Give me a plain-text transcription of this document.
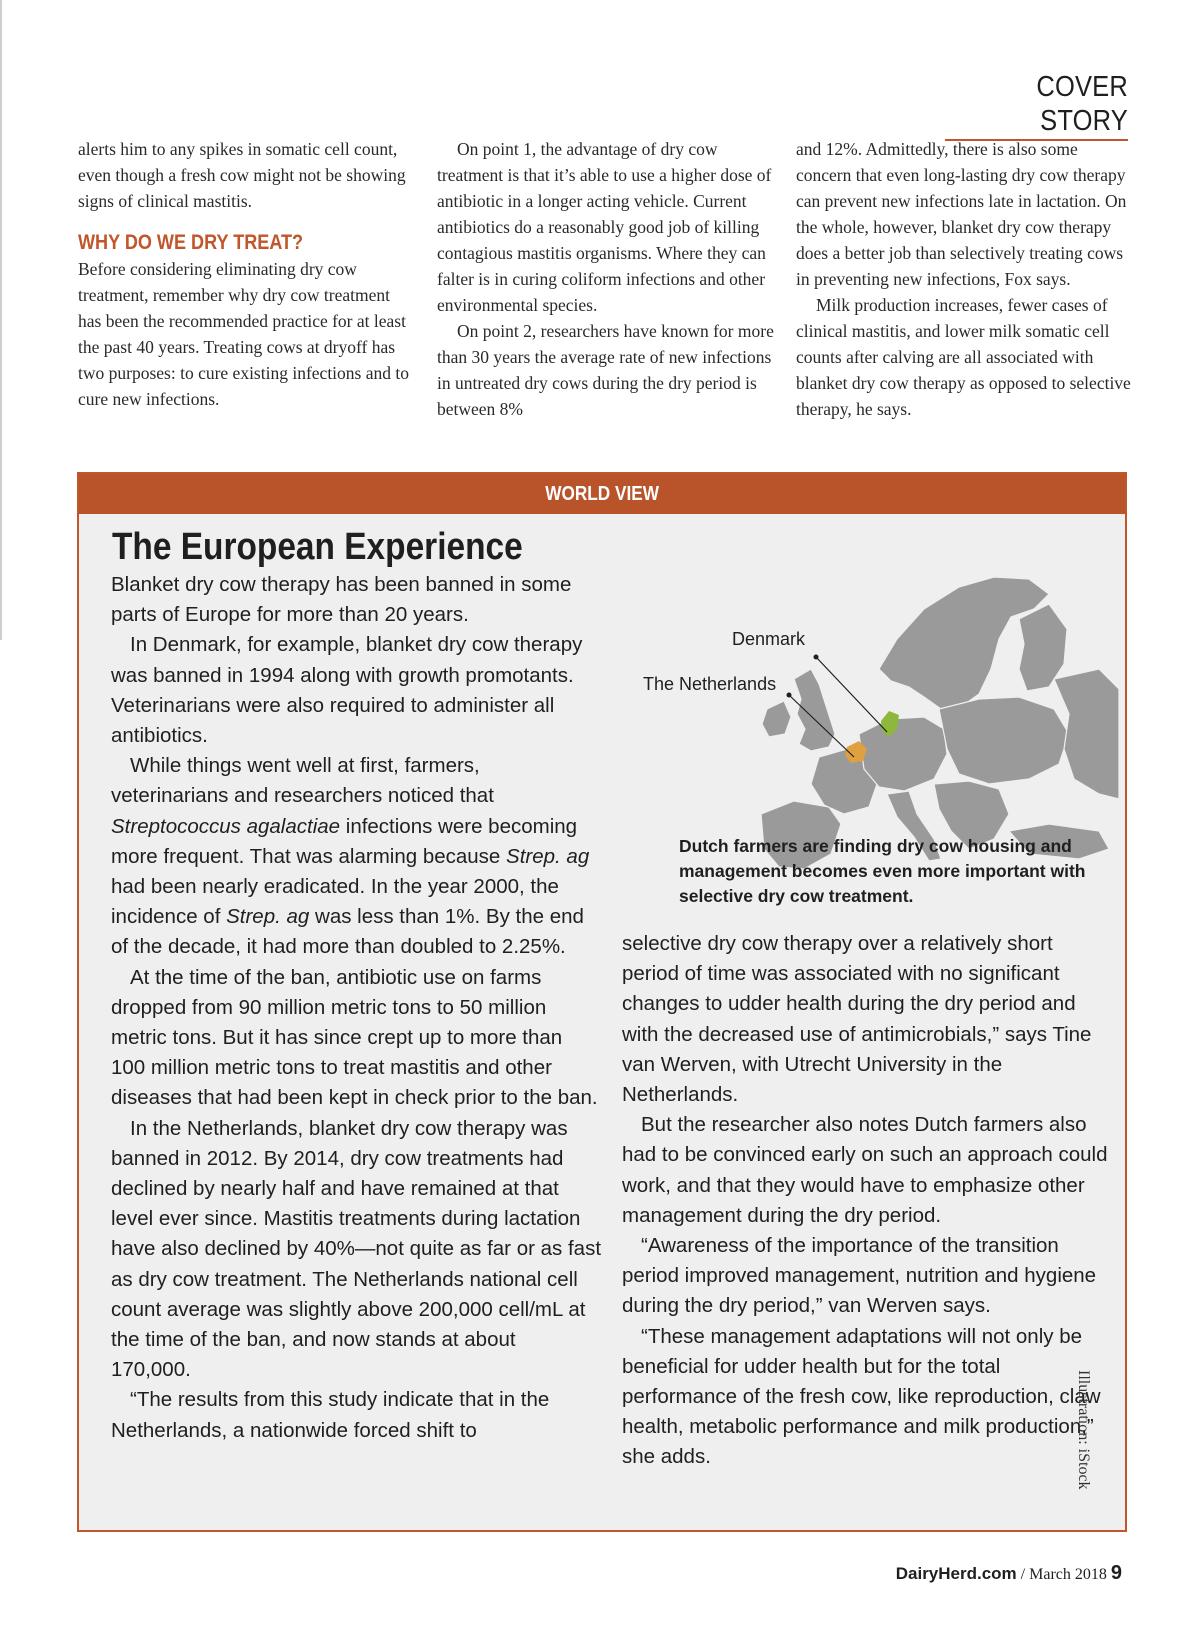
COVER STORY

alerts him to any spikes in somatic cell count, even though a fresh cow might not be showing signs of clinical mastitis.

WHY DO WE DRY TREAT?

Before considering eliminating dry cow treatment, remember why dry cow treatment has been the recommended practice for at least the past 40 years. Treating cows at dryoff has two purposes: to cure existing infections and to cure new infections.

On point 1, the advantage of dry cow treatment is that it’s able to use a higher dose of antibiotic in a longer acting vehicle. Current antibiotics do a reasonably good job of killing contagious mastitis organisms. Where they can falter is in curing coliform infections and other environmental species.

On point 2, researchers have known for more than 30 years the average rate of new infections in untreated dry cows during the dry period is between 8%

and 12%. Admittedly, there is also some concern that even long-lasting dry cow therapy can prevent new infections late in lactation. On the whole, however, blanket dry cow therapy does a better job than selectively treating cows in preventing new infections, Fox says.

Milk production increases, fewer cases of clinical mastitis, and lower milk somatic cell counts after calving are all associated with blanket dry cow therapy as opposed to selective therapy, he says.

WORLD VIEW
The European Experience

Blanket dry cow therapy has been banned in some parts of Europe for more than 20 years.

In Denmark, for example, blanket dry cow therapy was banned in 1994 along with growth promotants. Veterinarians were also required to administer all antibiotics.

While things went well at first, farmers, veterinarians and researchers noticed that Streptococcus agalactiae infections were becoming more frequent. That was alarming because Strep. ag had been nearly eradicated. In the year 2000, the incidence of Strep. ag was less than 1%. By the end of the decade, it had more than doubled to 2.25%.

At the time of the ban, antibiotic use on farms dropped from 90 million metric tons to 50 million metric tons. But it has since crept up to more than 100 million metric tons to treat mastitis and other diseases that had been kept in check prior to the ban.

In the Netherlands, blanket dry cow therapy was banned in 2012. By 2014, dry cow treatments had declined by nearly half and have remained at that level ever since. Mastitis treatments during lactation have also declined by 40%—not quite as far or as fast as dry cow treatment. The Netherlands national cell count average was slightly above 200,000 cell/mL at the time of the ban, and now stands at about 170,000.

“The results from this study indicate that in the Netherlands, a nationwide forced shift to

Denmark
The Netherlands
Dutch farmers are finding dry cow housing and management becomes even more important with selective dry cow treatment.

selective dry cow therapy over a relatively short period of time was associated with no significant changes to udder health during the dry period and with the decreased use of antimicrobials,” says Tine van Werven, with Utrecht University in the Netherlands.

But the researcher also notes Dutch farmers also had to be convinced early on such an approach could work, and that they would have to emphasize other management during the dry period.

“Awareness of the importance of the transition period improved management, nutrition and hygiene during the dry period,” van Werven says.

“These management adaptations will not only be beneficial for udder health but for the total performance of the fresh cow, like reproduction, claw health, metabolic performance and milk production,” she adds.	Illustration: iStock
DairyHerd.com / March 2018 9
